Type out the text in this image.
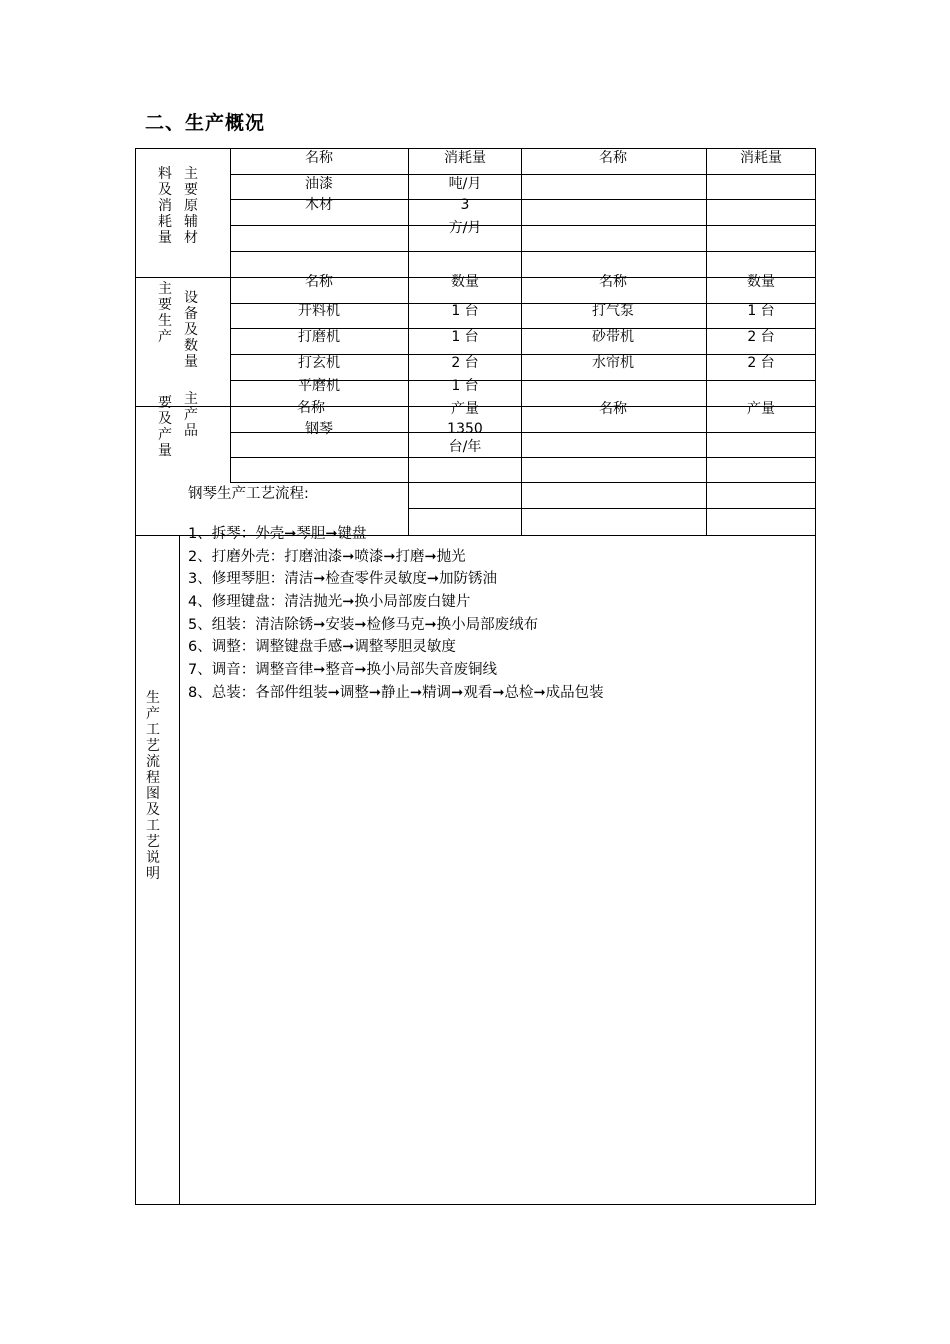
二、生产概况
料及消耗量
主要原辅材
名称	消耗量	名称	消耗量
油漆	吨/月
木材	3
方/月
主要生产
设备及数量
名称	数量	名称	数量
开料机	1 台	打气泵	1 台
打磨机	1 台	砂带机	2 台
打玄机	2 台	水帘机	2 台
平磨机	1 台
要及产量
主产品
名称	产量	名称	产量
钢琴	1350
台/年
生产工艺流程图及工艺说明
钢琴生产工艺流程:
1、拆琴：外壳➞琴胆➞键盘
2、打磨外壳：打磨油漆➞喷漆➞打磨➞抛光
3、修理琴胆：清洁➞检查零件灵敏度➞加防锈油
4、修理键盘：清洁抛光➞换小局部废白键片
5、组装：清洁除锈➞安装➞检修马克➞换小局部废绒布
6、调整：调整键盘手感➞调整琴胆灵敏度
7、调音：调整音律➞整音➞换小局部失音废铜线
8、总装：各部件组装➞调整➞静止➞精调➞观看➞总检➞成品包装
